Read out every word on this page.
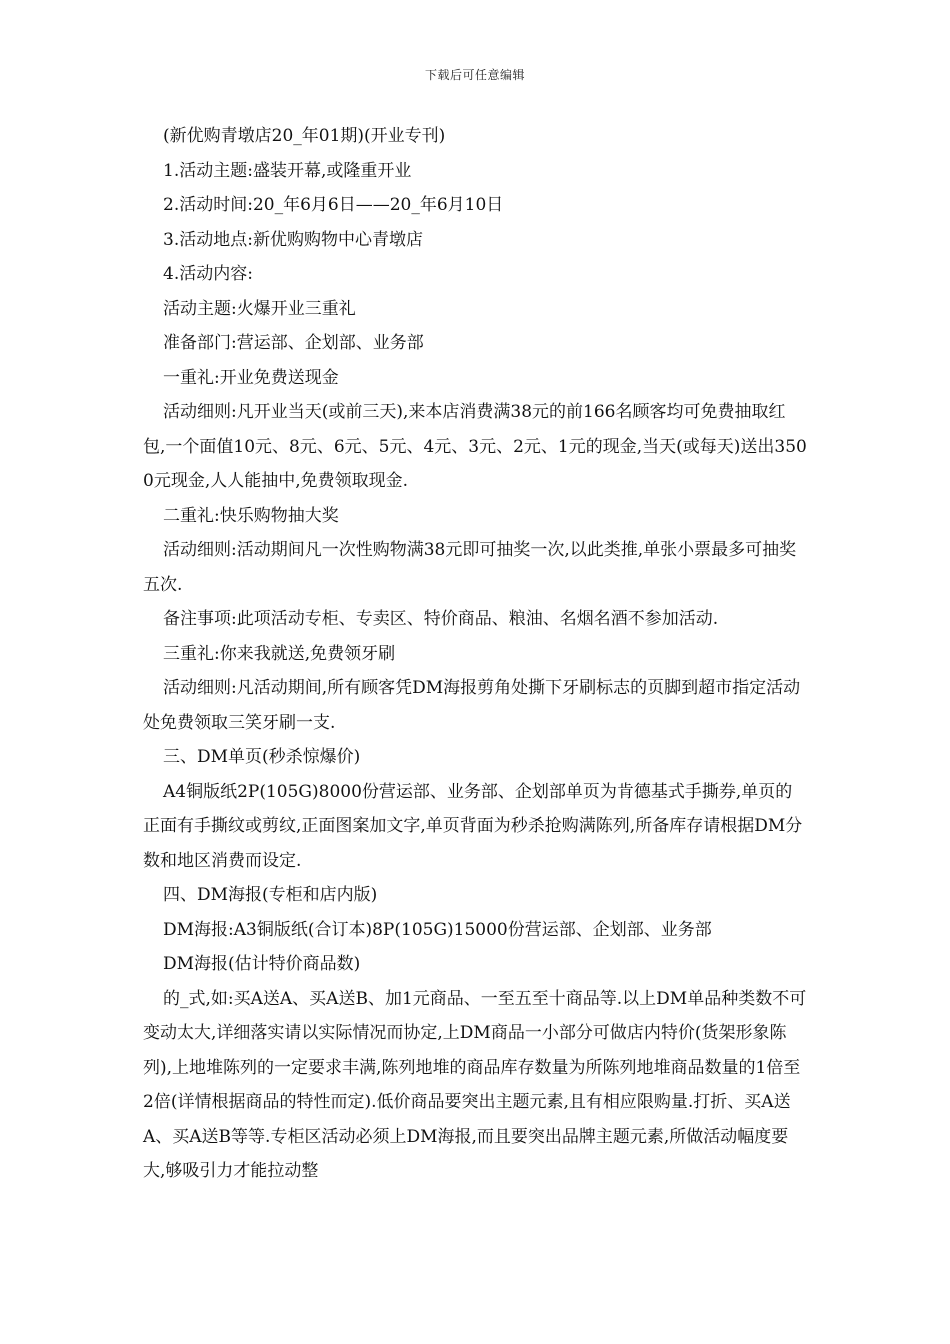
下载后可任意编辑

(新优购青墩店20_年01期)(开业专刊)

1.活动主题:盛装开幕,或隆重开业

2.活动时间:20_年6月6日——20_年6月10日

3.活动地点:新优购购物中心青墩店

4.活动内容:

活动主题:火爆开业三重礼

准备部门:营运部、企划部、业务部

一重礼:开业免费送现金

活动细则:凡开业当天(或前三天),来本店消费满38元的前166名顾客均可免费抽取红包,一个面值10元、8元、6元、5元、4元、3元、2元、1元的现金,当天(或每天)送出3500元现金,人人能抽中,免费领取现金.

二重礼:快乐购物抽大奖

活动细则:活动期间凡一次性购物满38元即可抽奖一次,以此类推,单张小票最多可抽奖五次.

备注事项:此项活动专柜、专卖区、特价商品、粮油、名烟名酒不参加活动.

三重礼:你来我就送,免费领牙刷

活动细则:凡活动期间,所有顾客凭DM海报剪角处撕下牙刷标志的页脚到超市指定活动处免费领取三笑牙刷一支.

三、DM单页(秒杀惊爆价)

A4铜版纸2P(105G)8000份营运部、业务部、企划部单页为肯德基式手撕券,单页的正面有手撕纹或剪纹,正面图案加文字,单页背面为秒杀抢购满陈列,所备库存请根据DM分数和地区消费而设定.

四、DM海报(专柜和店内版)

DM海报:A3铜版纸(合订本)8P(105G)15000份营运部、企划部、业务部

DM海报(估计特价商品数)

的_式,如:买A送A、买A送B、加1元商品、一至五至十商品等.以上DM单品种类数不可变动太大,详细落实请以实际情况而协定,上DM商品一小部分可做店内特价(货架形象陈列),上地堆陈列的一定要求丰满,陈列地堆的商品库存数量为所陈列地堆商品数量的1倍至2倍(详情根据商品的特性而定).低价商品要突出主题元素,且有相应限购量.打折、买A送A、买A送B等等.专柜区活动必须上DM海报,而且要突出品牌主题元素,所做活动幅度要大,够吸引力才能拉动整
